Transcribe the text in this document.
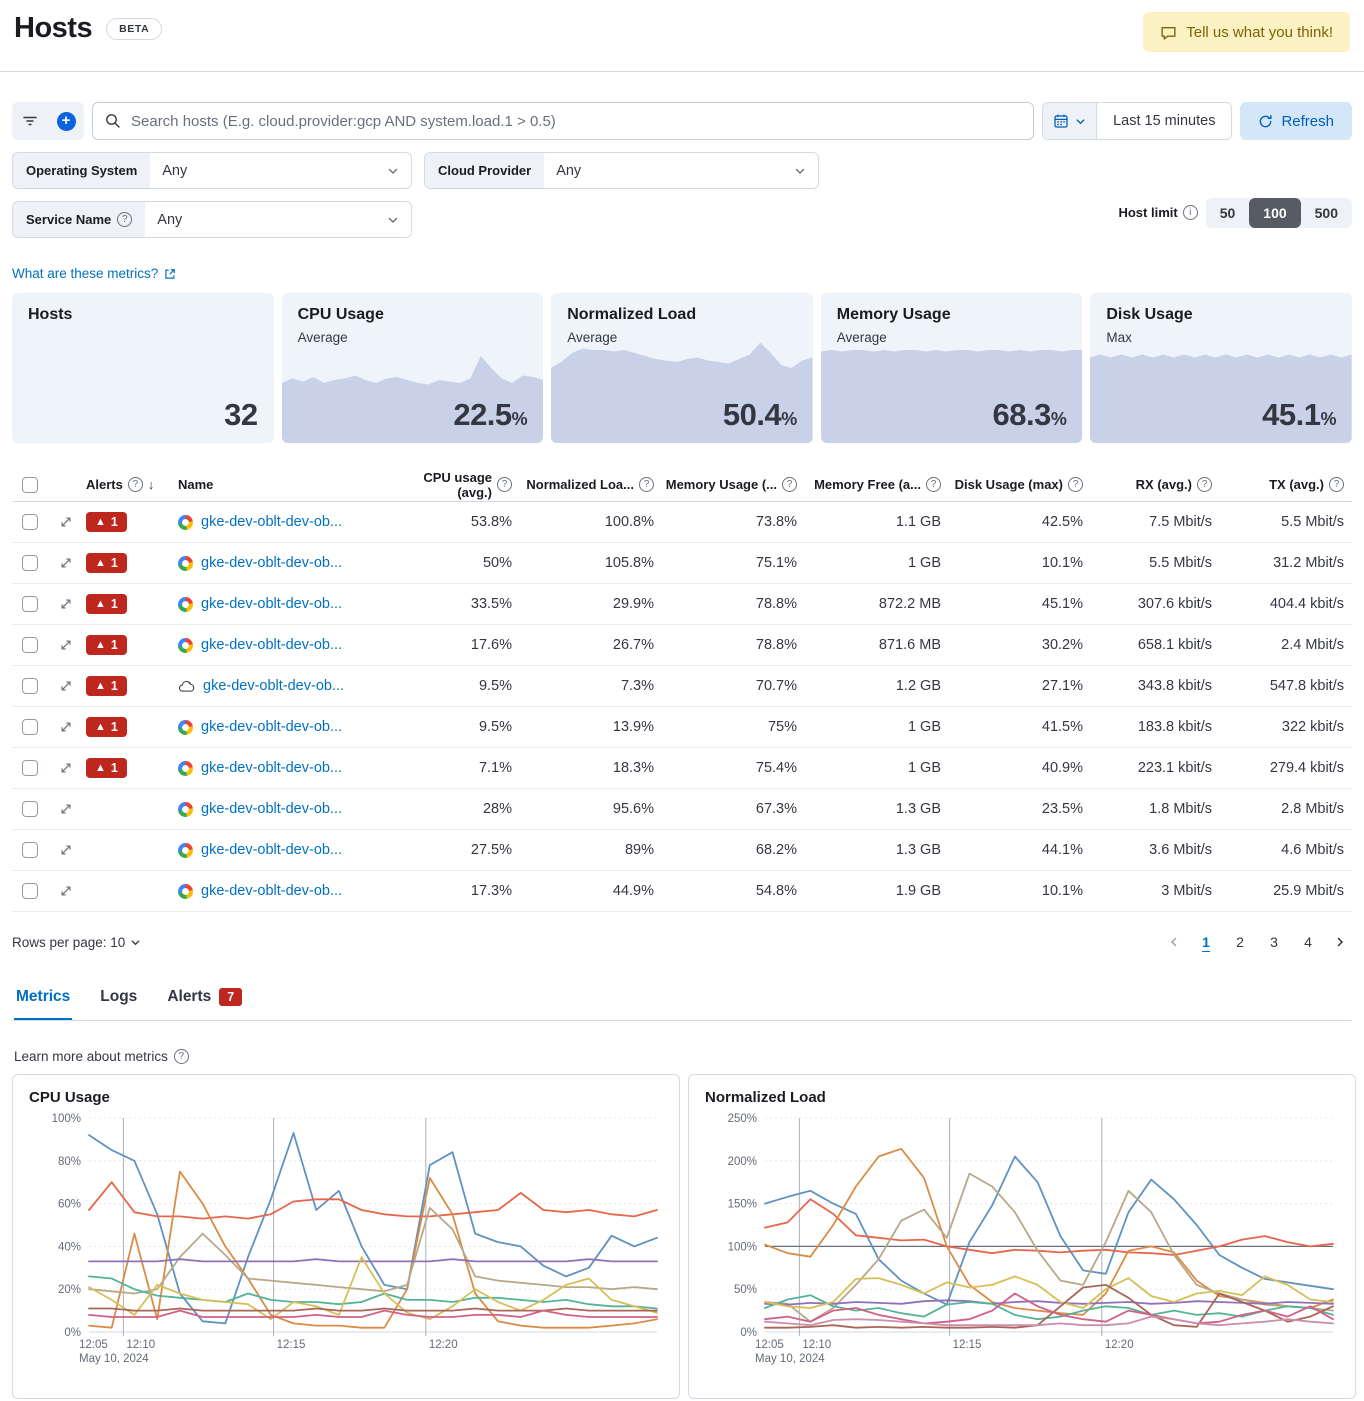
Hosts	BETA	Tell us what you think!
+
Search hosts (E.g. cloud.provider:gcp AND system.load.1 > 0.5)	Last 15 minutes	Refresh
Operating System	Any	Cloud Provider	Any
Service Name	?	Any	Host limit	i	50	100	500
What are these metrics?
Hosts
32
CPU Usage
Average
22.5%
Normalized Load
Average
50.4%
Memory Usage
Average
68.3%
Disk Usage
Max
45.1%
Alerts ? ↓ Name	CPU usage (avg.) ?	Normalized Loa... ?	Memory Usage (... ?	Memory Free (a... ?	Disk Usage (max) ?	RX (avg.) ?	TX (avg.) ?
▲ 1	gke-dev-oblt-dev-ob...	53.8%	100.8%	73.8%	1.1 GB	42.5%	7.5 Mbit/s	5.5 Mbit/s
▲ 1	gke-dev-oblt-dev-ob...	50%	105.8%	75.1%	1 GB	10.1%	5.5 Mbit/s	31.2 Mbit/s
▲ 1	gke-dev-oblt-dev-ob...	33.5%	29.9%	78.8%	872.2 MB	45.1%	307.6 kbit/s	404.4 kbit/s
▲ 1	gke-dev-oblt-dev-ob...	17.6%	26.7%	78.8%	871.6 MB	30.2%	658.1 kbit/s	2.4 Mbit/s
▲ 1	gke-dev-oblt-dev-ob...	9.5%	7.3%	70.7%	1.2 GB	27.1%	343.8 kbit/s	547.8 kbit/s
▲ 1	gke-dev-oblt-dev-ob...	9.5%	13.9%	75%	1 GB	41.5%	183.8 kbit/s	322 kbit/s
▲ 1	gke-dev-oblt-dev-ob...	7.1%	18.3%	75.4%	1 GB	40.9%	223.1 kbit/s	279.4 kbit/s
gke-dev-oblt-dev-ob...	28%	95.6%	67.3%	1.3 GB	23.5%	1.8 Mbit/s	2.8 Mbit/s
gke-dev-oblt-dev-ob...	27.5%	89%	68.2%	1.3 GB	44.1%	3.6 Mbit/s	4.6 Mbit/s
gke-dev-oblt-dev-ob...	17.3%	44.9%	54.8%	1.9 GB	10.1%	3 Mbit/s	25.9 Mbit/s
Rows per page: 10	1	2	3	4
Metrics Logs Alerts	7
Learn more about metrics	?
CPU Usage
0%
20%
40%
60%
80%
100%
12:05 12:10	12:15	12:20
May 10, 2024
Normalized Load
0%
50%
100%
150%
200%
250%
12:05 12:10	12:15	12:20
May 10, 2024
